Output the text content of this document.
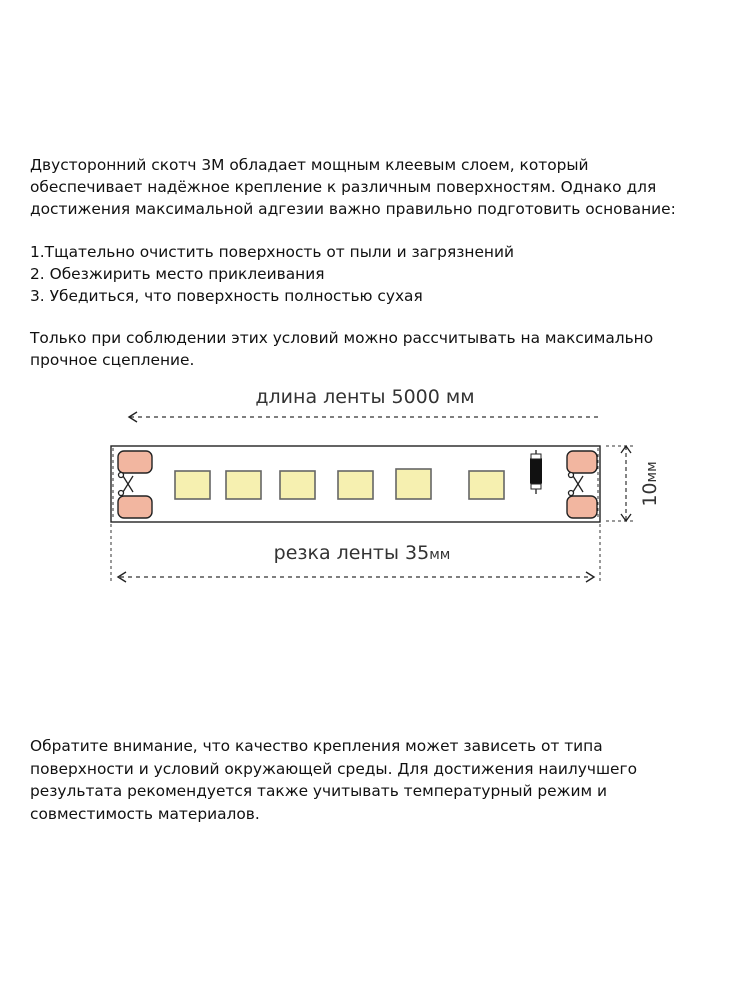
Двусторонний скотч 3М обладает мощным клеевым слоем, который

обеспечивает надёжное крепление к различным поверхностям. Однако для

достижения максимальной адгезии важно правильно подготовить основание:

1.Тщательно очистить поверхность от пыли и загрязнений

2. Обезжирить место приклеивания

3. Убедиться, что поверхность полностью сухая

Только при соблюдении этих условий можно рассчитывать на максимально

прочное сцепление.

длина ленты 5000 мм
10мм
резка ленты 35мм

Обратите внимание, что качество крепления может зависеть от типа

поверхности и условий окружающей среды. Для достижения наилучшего

результата рекомендуется также учитывать температурный режим и

совместимость материалов.
